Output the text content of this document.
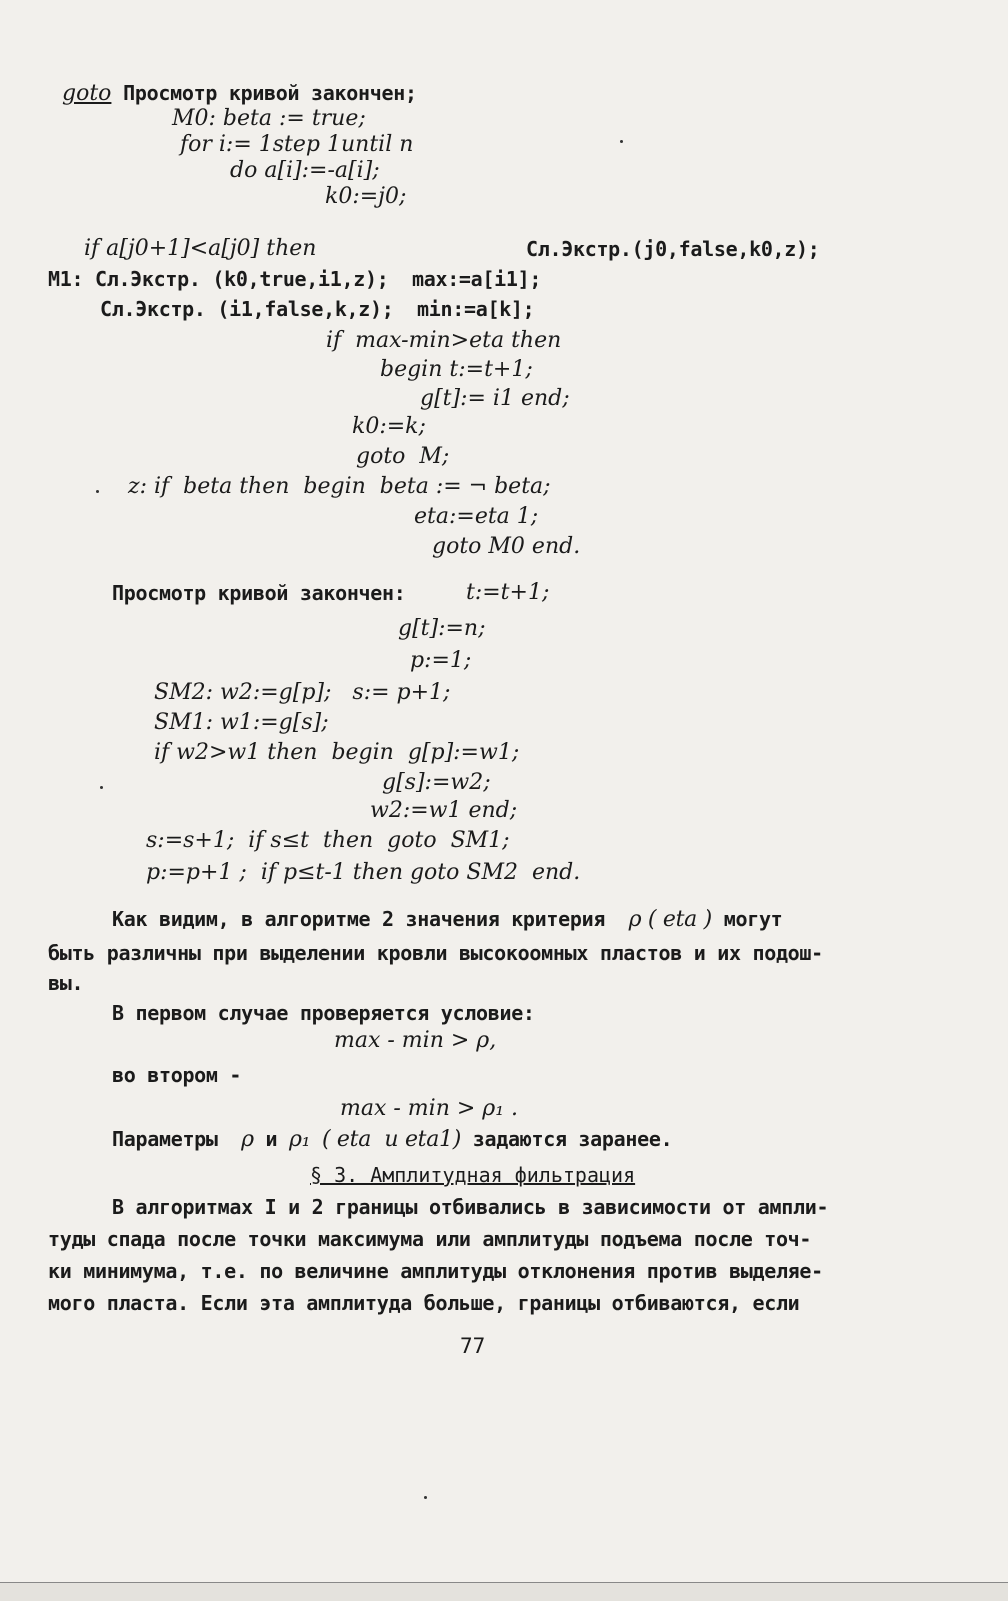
goto Просмотр кривой закончен;
M0: beta := true;
for i:= 1step 1until n
do a[i]:=-a[i];
k0:=j0;
if a[j0+1]<a[j0] then	Сл.Экстр.(j0,false,k0,z);
M1: Сл.Экстр. (k0,true,i1,z);  max:=a[i1];
Сл.Экстр. (i1,false,k,z);  min:=a[k];
if  max-min>eta then
begin t:=t+1;
g[t]:= i1 end;
k0:=k;
goto  M;
z: if  beta then  begin  beta := ¬ beta;
eta:=eta 1;
goto M0 end.
Просмотр кривой закончен:	t:=t+1;
g[t]:=n;
p:=1;
SM2: w2:=g[p];   s:= p+1;
SM1: w1:=g[s];
if w2>w1 then  begin  g[p]:=w1;
g[s]:=w2;
w2:=w1 end;
s:=s+1;  if s≤t  then  goto  SM1;
p:=p+1 ;  if p≤t-1 then goto SM2  end.
Как видим, в алгоритме 2 значения критерия ρ ( eta ) могут
быть различны при выделении кровли высокоомных пластов и их подош-
вы.
В первом случае проверяется условие:
max - min > ρ,
во втором -
max - min > ρ₁ .
Параметры ρ и ρ₁ ( eta  и eta1) задаются заранее.
§ 3. Амплитудная фильтрация
В алгоритмах I и 2 границы отбивались в зависимости от ампли-
туды спада после точки максимума или амплитуды подъема после точ-
ки минимума, т.е. по величине амплитуды отклонения против выделяе-
мого пласта. Если эта амплитуда больше, границы отбиваются, если
77
